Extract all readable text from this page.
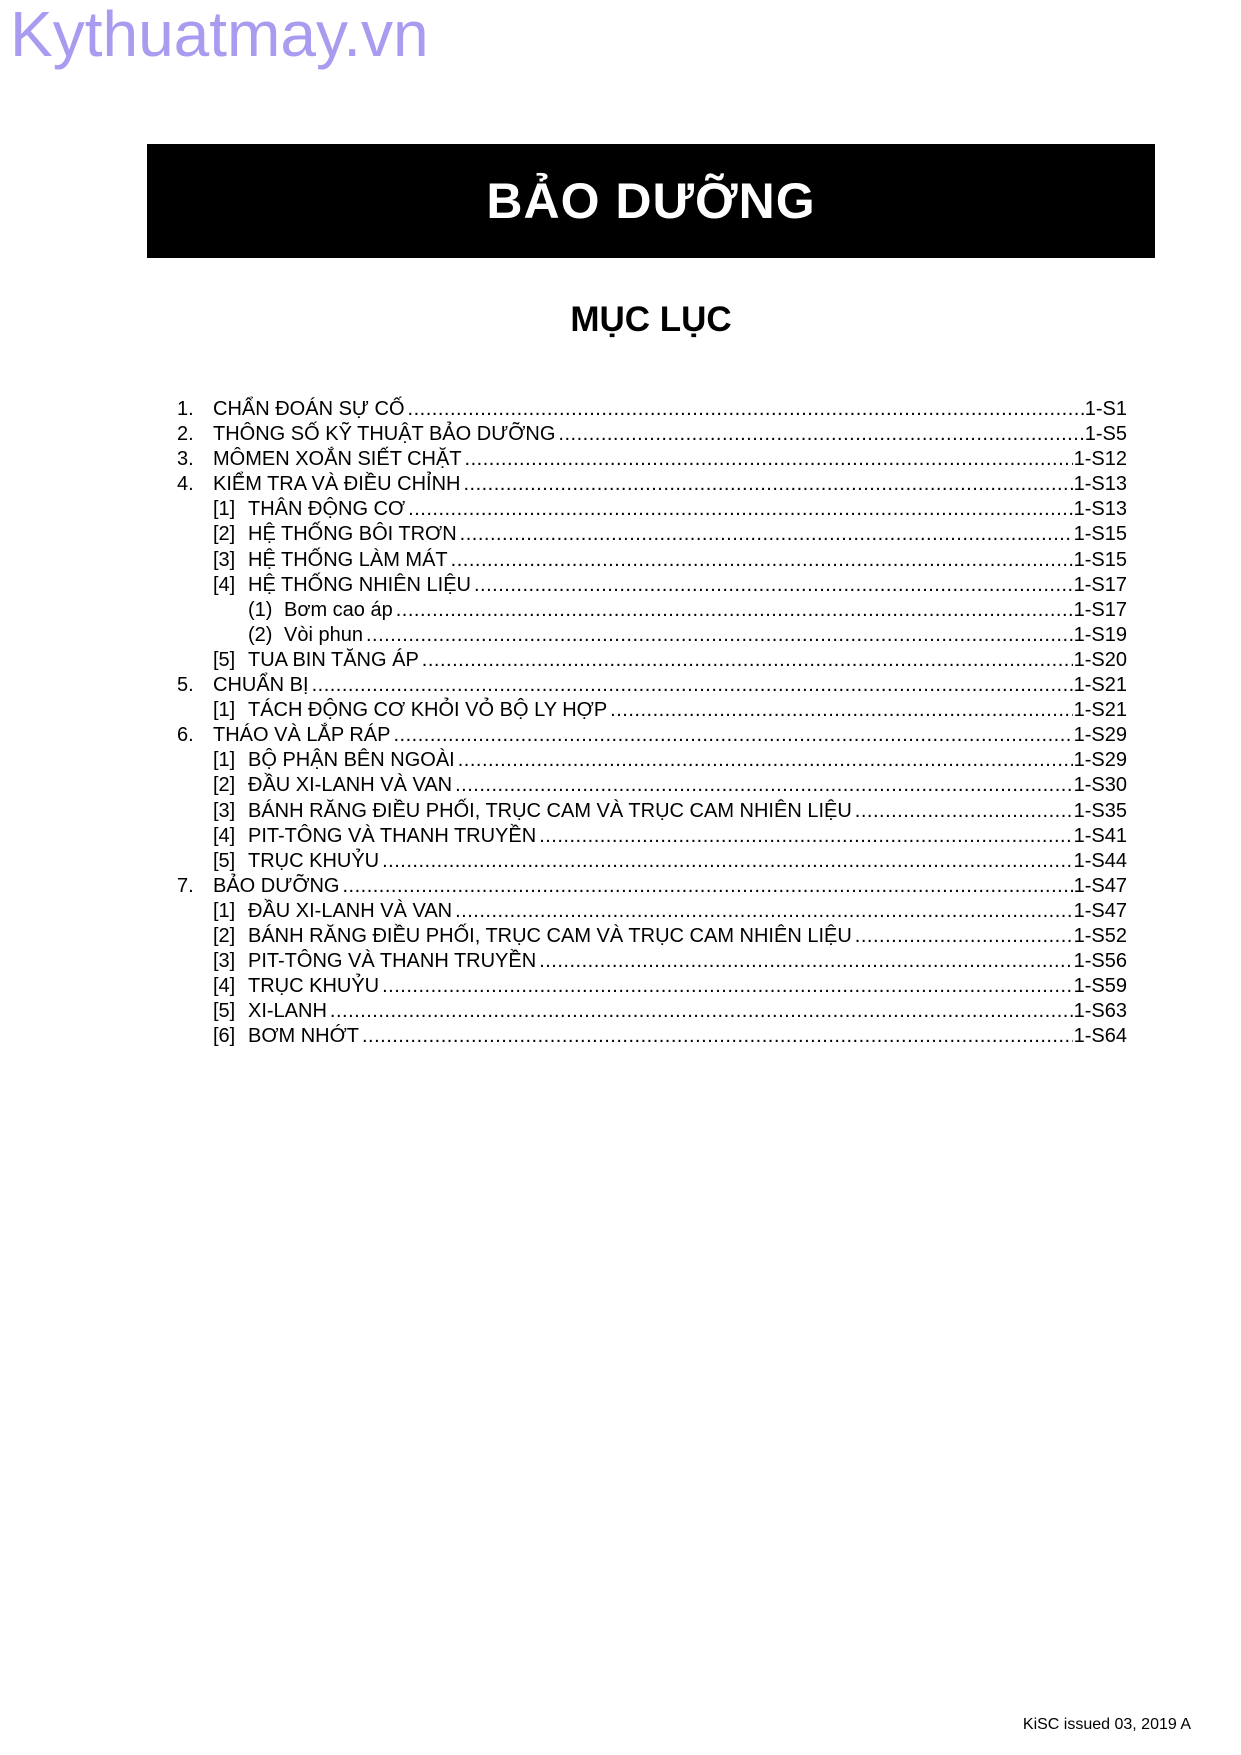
Kythuatmay.vn
BẢO DƯỠNG
MỤC LỤC
1. CHẨN ĐOÁN SỰ CỐ .....	1-S1
2. THÔNG SỐ KỸ THUẬT BẢO DƯỠNG .....	1-S5
3. MÔMEN XOẮN SIẾT CHẶT .....	1-S12
4. KIỂM TRA VÀ ĐIỀU CHỈNH .....	1-S13
[1] THÂN ĐỘNG CƠ .....	1-S13
[2] HỆ THỐNG BÔI TRƠN .....	1-S15
[3] HỆ THỐNG LÀM MÁT .....	1-S15
[4] HỆ THỐNG NHIÊN LIỆU .....	1-S17
(1) Bơm cao áp .....	1-S17
(2) Vòi phun .....	1-S19
[5] TUA BIN TĂNG ÁP .....	1-S20
5. CHUẨN BỊ .....	1-S21
[1] TÁCH ĐỘNG CƠ KHỎI VỎ BỘ LY HỢP .....	1-S21
6. THÁO VÀ LẮP RÁP .....	1-S29
[1] BỘ PHẬN BÊN NGOÀI .....	1-S29
[2] ĐẦU XI-LANH VÀ VAN .....	1-S30
[3] BÁNH RĂNG ĐIỀU PHỐI, TRỤC CAM VÀ TRỤC CAM NHIÊN LIỆU .....	1-S35
[4] PIT-TÔNG VÀ THANH TRUYỀN .....	1-S41
[5] TRỤC KHUỶU .....	1-S44
7. BẢO DƯỠNG .....	1-S47
[1] ĐẦU XI-LANH VÀ VAN .....	1-S47
[2] BÁNH RĂNG ĐIỀU PHỐI, TRỤC CAM VÀ TRỤC CAM NHIÊN LIỆU .....	1-S52
[3] PIT-TÔNG VÀ THANH TRUYỀN .....	1-S56
[4] TRỤC KHUỶU .....	1-S59
[5] XI-LANH .....	1-S63
[6] BƠM NHỚT .....	1-S64
KiSC issued 03, 2019 A
